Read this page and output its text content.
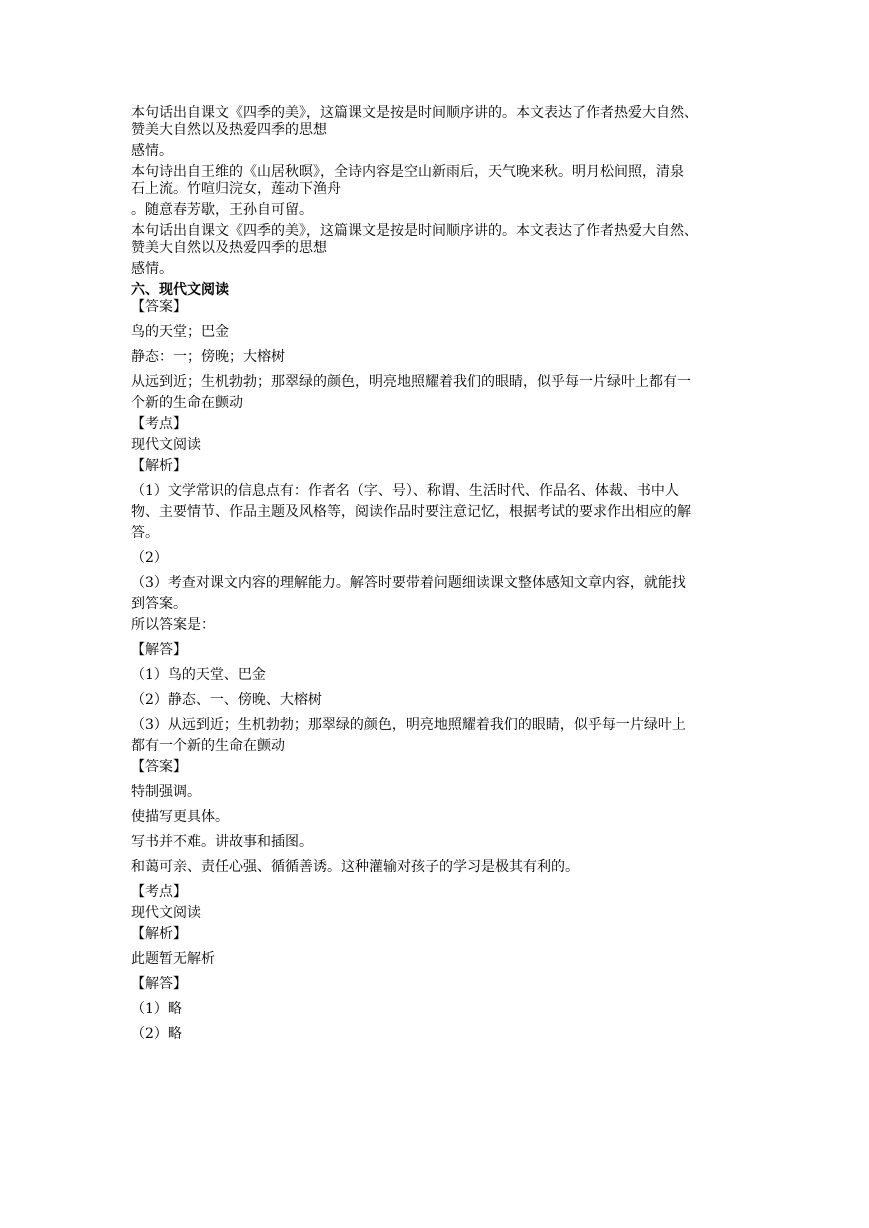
本句话出自课文《四季的美》，这篇课文是按是时间顺序讲的。本文表达了作者热爱大自然、
赞美大自然以及热爱四季的思想
感情。
本句诗出自王维的《山居秋暝》，全诗内容是空山新雨后，天气晚来秋。明月松间照，清泉
石上流。竹喧归浣女，莲动下渔舟
。随意春芳歇，王孙自可留。
本句话出自课文《四季的美》，这篇课文是按是时间顺序讲的。本文表达了作者热爱大自然、
赞美大自然以及热爱四季的思想
感情。
六、现代文阅读
【答案】
鸟的天堂；巴金
静态：一；傍晚；大榕树
从远到近；生机勃勃；那翠绿的颜色，明亮地照耀着我们的眼睛，似乎每一片绿叶上都有一
个新的生命在颤动
【考点】
现代文阅读
【解析】
（1）文学常识的信息点有：作者名（字、号）、称谓、生活时代、作品名、体裁、书中人
物、主要情节、作品主题及风格等，阅读作品时要注意记忆，根据考试的要求作出相应的解
答。
（2）
（3）考查对课文内容的理解能力。解答时要带着问题细读课文整体感知文章内容，就能找
到答案。
所以答案是：
【解答】
（1）鸟的天堂、巴金
（2）静态、一、傍晚、大榕树
（3）从远到近；生机勃勃；那翠绿的颜色，明亮地照耀着我们的眼睛，似乎每一片绿叶上
都有一个新的生命在颤动
【答案】
特制强调。
使描写更具体。
写书并不难。讲故事和插图。
和蔼可亲、责任心强、循循善诱。这种灌输对孩子的学习是极其有利的。
【考点】
现代文阅读
【解析】
此题暂无解析
【解答】
（1）略
（2）略
